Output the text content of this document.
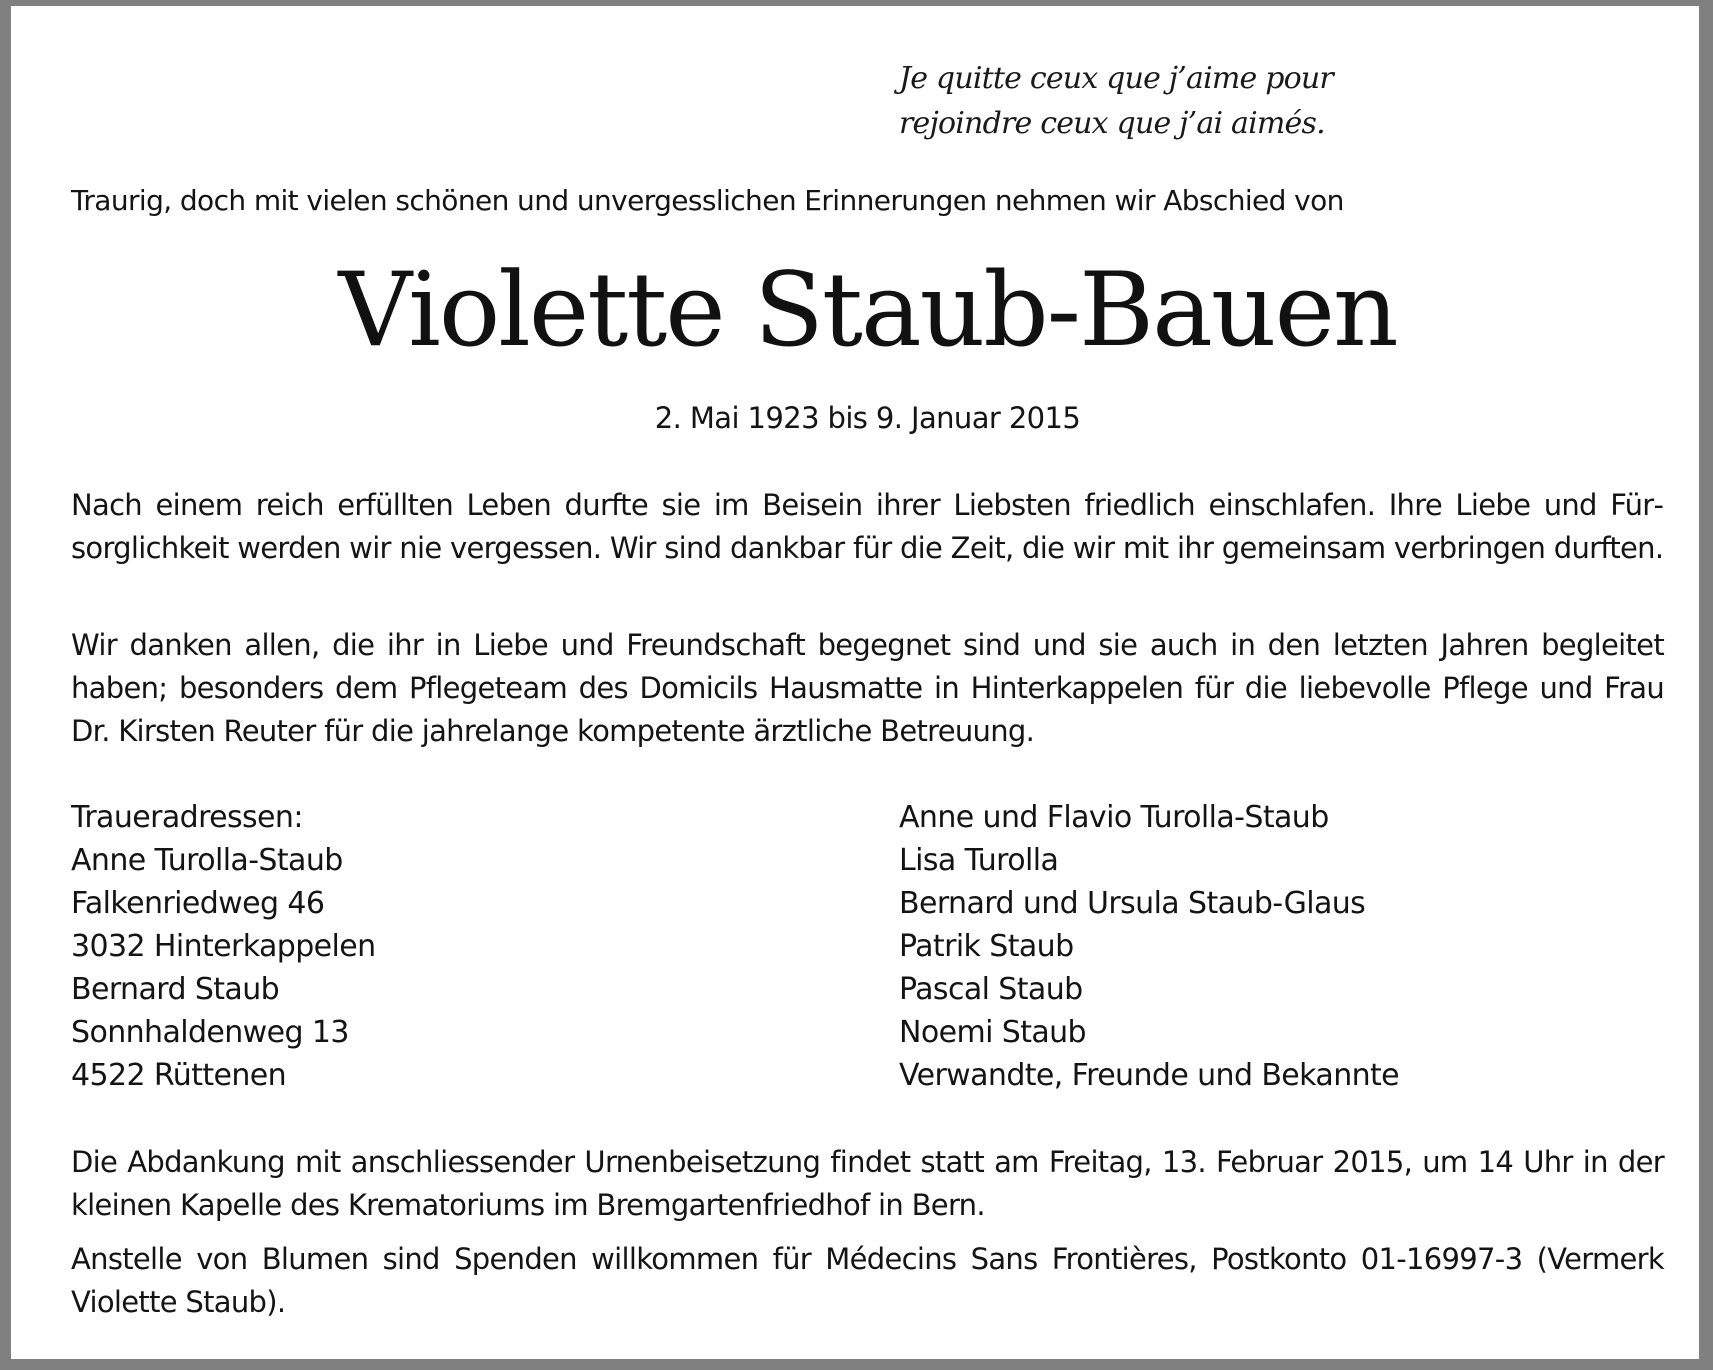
Je quitte ceux que j’aime pour
rejoindre ceux que j’ai aimés.
Traurig, doch mit vielen schönen und unvergesslichen Erinnerungen nehmen wir Abschied von
Violette Staub-Bauen
2. Mai 1923 bis 9. Januar 2015

Nach einem reich erfüllten Leben durfte sie im Beisein ihrer Liebsten friedlich einschlafen. Ihre Liebe und Fürsorglichkeit werden wir nie vergessen. Wir sind dankbar für die Zeit, die wir mit ihr gemeinsam verbringen durften.

Wir danken allen, die ihr in Liebe und Freundschaft begegnet sind und sie auch in den letzten Jahren begleitet haben; besonders dem Pflegeteam des Domicils Hausmatte in Hinterkappelen für die liebevolle Pflege und Frau Dr. Kirsten Reuter für die jahrelange kompetente ärztliche Betreuung.

Traueradressen:
Anne Turolla-Staub
Falkenriedweg 46
3032 Hinterkappelen
Bernard Staub
Sonnhaldenweg 13
4522 Rüttenen
Anne und Flavio Turolla-Staub
Lisa Turolla
Bernard und Ursula Staub-Glaus
Patrik Staub
Pascal Staub
Noemi Staub
Verwandte, Freunde und Bekannte

Die Abdankung mit anschliessender Urnenbeisetzung findet statt am Freitag, 13. Februar 2015, um 14 Uhr in der kleinen Kapelle des Krematoriums im Bremgartenfriedhof in Bern.

Anstelle von Blumen sind Spenden willkommen für Médecins Sans Frontières, Postkonto 01-16997-3 (Vermerk Violette Staub).
